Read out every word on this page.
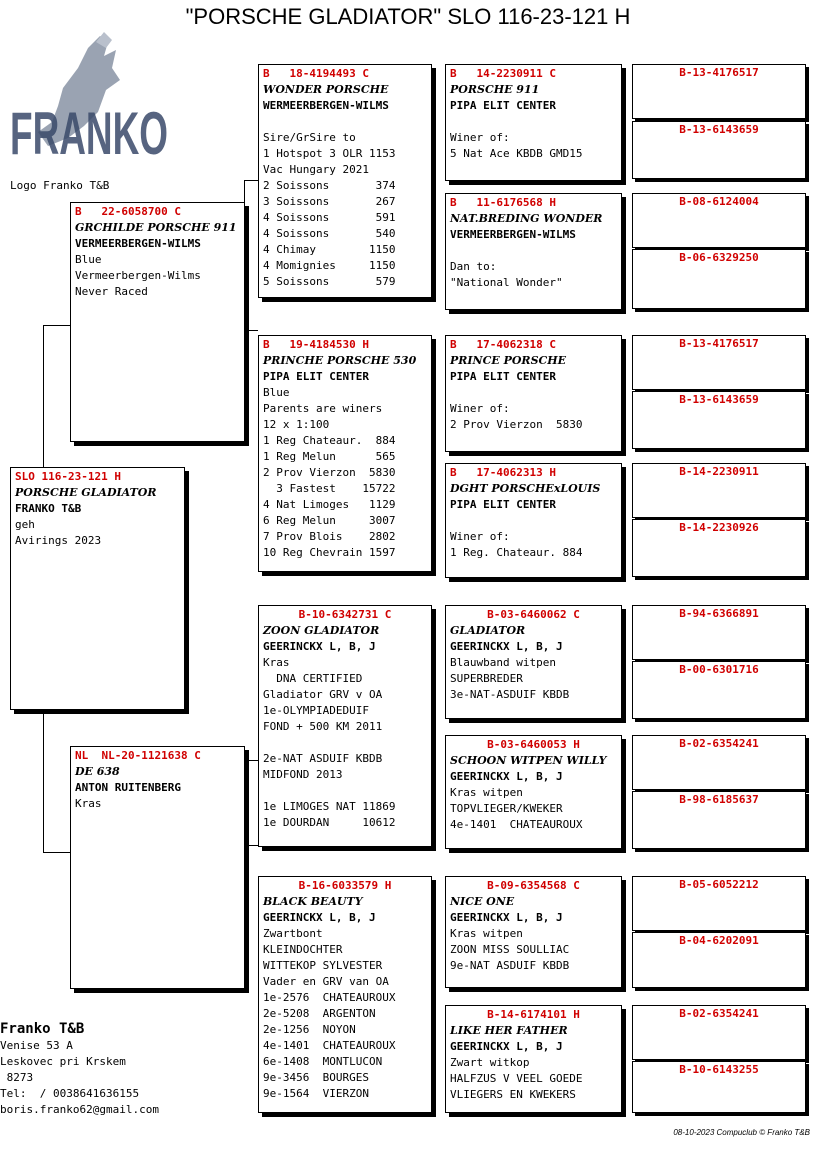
"PORSCHE GLADIATOR" SLO 116-23-121 H
FRANKO
Logo Franko T&B
SLO 116-23-121 H
PORSCHE GLADIATOR
FRANKO T&B
geh
Avirings 2023
B   22-6058700 C
GRCHILDE PORSCHE 911
VERMEERBERGEN-WILMS
Blue
Vermeerbergen-Wilms
Never Raced
NL  NL-20-1121638 C
DE 638
ANTON RUITENBERG
Kras
B   18-4194493 C
WONDER PORSCHE
WERMEERBERGEN-WILMS
Sire/GrSire to
1 Hotspot 3 OLR 1153
Vac Hungary 2021
2 Soissons       374
3 Soissons       267
4 Soissons       591
4 Soissons       540
4 Chimay        1150
4 Momignies     1150
5 Soissons       579
B   19-4184530 H
PRINCHE PORSCHE 530
PIPA ELIT CENTER
Blue
Parents are winers
12 x 1:100
1 Reg Chateaur.  884
1 Reg Melun      565
2 Prov Vierzon  5830
3 Fastest    15722
4 Nat Limoges   1129
6 Reg Melun     3007
7 Prov Blois    2802
10 Reg Chevrain 1597
B-10-6342731 C
ZOON GLADIATOR
GEERINCKX L, B, J
Kras
DNA CERTIFIED
Gladiator GRV v OA
1e-OLYMPIADEDUIF
FOND + 500 KM 2011
2e-NAT ASDUIF KBDB
MIDFOND 2013
1e LIMOGES NAT 11869
1e DOURDAN     10612
B-16-6033579 H
BLACK BEAUTY
GEERINCKX L, B, J
Zwartbont
KLEINDOCHTER
WITTEKOP SYLVESTER
Vader en GRV van OA
1e-2576  CHATEAUROUX
2e-5208  ARGENTON
2e-1256  NOYON
4e-1401  CHATEAUROUX
6e-1408  MONTLUCON
9e-3456  BOURGES
9e-1564  VIERZON
B   14-2230911 C
PORSCHE 911
PIPA ELIT CENTER
Winer of:
5 Nat Ace KBDB GMD15
B   11-6176568 H
NAT.BREDING WONDER
VERMEERBERGEN-WILMS
Dan to:
"National Wonder"
B   17-4062318 C
PRINCE PORSCHE
PIPA ELIT CENTER
Winer of:
2 Prov Vierzon  5830
B   17-4062313 H
DGHT PORSCHExLOUIS
PIPA ELIT CENTER
Winer of:
1 Reg. Chateaur. 884
B-03-6460062 C
GLADIATOR
GEERINCKX L, B, J
Blauwband witpen
SUPERBREDER
3e-NAT-ASDUIF KBDB
B-03-6460053 H
SCHOON WITPEN WILLY
GEERINCKX L, B, J
Kras witpen
TOPVLIEGER/KWEKER
4e-1401  CHATEAUROUX
B-09-6354568 C
NICE ONE
GEERINCKX L, B, J
Kras witpen
ZOON MISS SOULLIAC
9e-NAT ASDUIF KBDB
B-14-6174101 H
LIKE HER FATHER
GEERINCKX L, B, J
Zwart witkop
HALFZUS V VEEL GOEDE
VLIEGERS EN KWEKERS
B-13-4176517
B-13-6143659
B-08-6124004
B-06-6329250
B-13-4176517
B-13-6143659
B-14-2230911
B-14-2230926
B-94-6366891
B-00-6301716
B-02-6354241
B-98-6185637
B-05-6052212
B-04-6202091
B-02-6354241
B-10-6143255
Franko T&B
Venise 53 A
Leskovec pri Krskem
8273
Tel:  / 0038641636155
boris.franko62@gmail.com
08-10-2023 Compuclub © Franko T&B
